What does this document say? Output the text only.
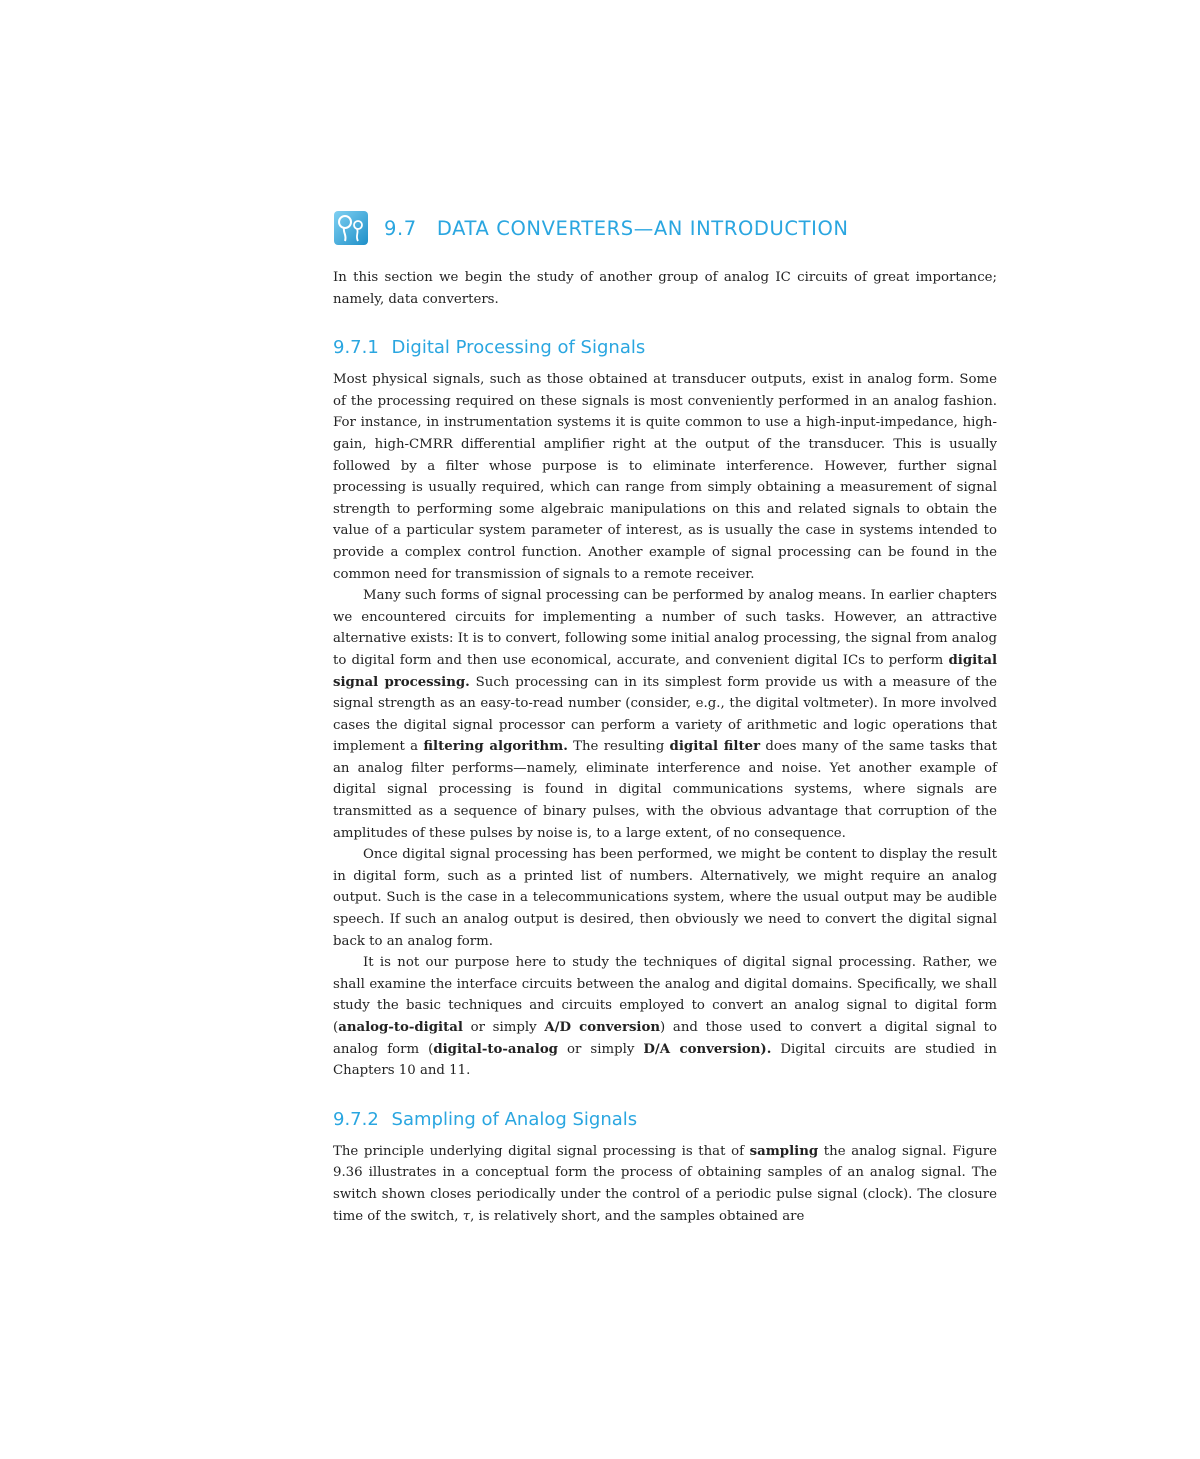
9.7 DATA CONVERTERS—AN INTRODUCTION

In this section we begin the study of another group of analog IC circuits of great importance; namely, data converters.

9.7.1 Digital Processing of Signals

Most physical signals, such as those obtained at transducer outputs, exist in analog form. Some of the processing required on these signals is most conveniently performed in an analog fashion. For instance, in instrumentation systems it is quite common to use a high-input-impedance, high-gain, high-CMRR differential amplifier right at the output of the transducer. This is usually followed by a filter whose purpose is to eliminate interference. However, further signal processing is usually required, which can range from simply obtaining a measurement of signal strength to performing some algebraic manipulations on this and related signals to obtain the value of a particular system parameter of interest, as is usually the case in systems intended to provide a complex control function. Another example of signal processing can be found in the common need for transmission of signals to a remote receiver.

Many such forms of signal processing can be performed by analog means. In earlier chapters we encountered circuits for implementing a number of such tasks. However, an attractive alternative exists: It is to convert, following some initial analog processing, the signal from analog to digital form and then use economical, accurate, and convenient digital ICs to perform digital signal processing. Such processing can in its simplest form provide us with a measure of the signal strength as an easy-to-read number (consider, e.g., the digital voltmeter). In more involved cases the digital signal processor can perform a variety of arithmetic and logic operations that implement a filtering algorithm. The resulting digital filter does many of the same tasks that an analog filter performs—namely, eliminate interference and noise. Yet another example of digital signal processing is found in digital communications systems, where signals are transmitted as a sequence of binary pulses, with the obvious advantage that corruption of the amplitudes of these pulses by noise is, to a large extent, of no consequence.

Once digital signal processing has been performed, we might be content to display the result in digital form, such as a printed list of numbers. Alternatively, we might require an analog output. Such is the case in a telecommunications system, where the usual output may be audible speech. If such an analog output is desired, then obviously we need to convert the digital signal back to an analog form.

It is not our purpose here to study the techniques of digital signal processing. Rather, we shall examine the interface circuits between the analog and digital domains. Specifically, we shall study the basic techniques and circuits employed to convert an analog signal to digital form (analog-to-digital or simply A/D conversion) and those used to convert a digital signal to analog form (digital-to-analog or simply D/A conversion). Digital circuits are studied in Chapters 10 and 11.

9.7.2 Sampling of Analog Signals

The principle underlying digital signal processing is that of sampling the analog signal. Figure 9.36 illustrates in a conceptual form the process of obtaining samples of an analog signal. The switch shown closes periodically under the control of a periodic pulse signal (clock). The closure time of the switch, τ, is relatively short, and the samples obtained are
